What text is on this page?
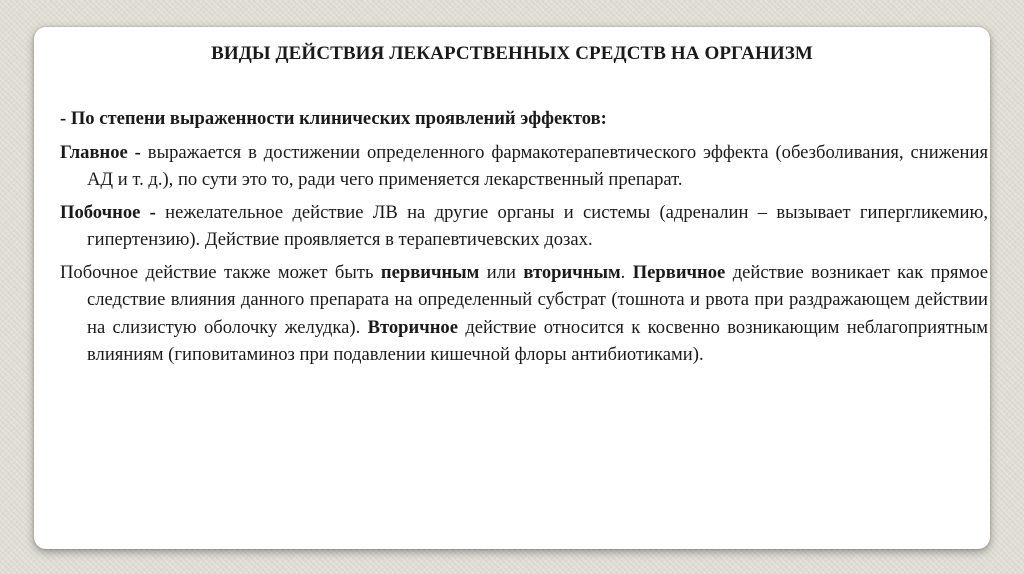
ВИДЫ ДЕЙСТВИЯ ЛЕКАРСТВЕННЫХ СРЕДСТВ НА ОРГАНИЗМ

- По степени выраженности клинических проявлений эффектов:

Главное - выражается в достижении определенного фармакотерапевтического эффекта (обезболивания, снижения АД и т. д.), по сути это то, ради чего применяется лекарственный препарат.

Побочное - нежелательное действие ЛВ на другие органы и системы (адреналин – вызывает гипергликемию, гипертензию). Действие проявляется в терапевтичевских дозах.

Побочное действие также может быть первичным или вторичным. Первичное действие возникает как прямое следствие влияния данного препарата на определенный субстрат (тошнота и рвота при раздражающем действии на слизистую оболочку желудка). Вторичное действие относится к косвенно возникающим неблагоприятным влияниям (гиповитаминоз при подавлении кишечной флоры антибиотиками).
